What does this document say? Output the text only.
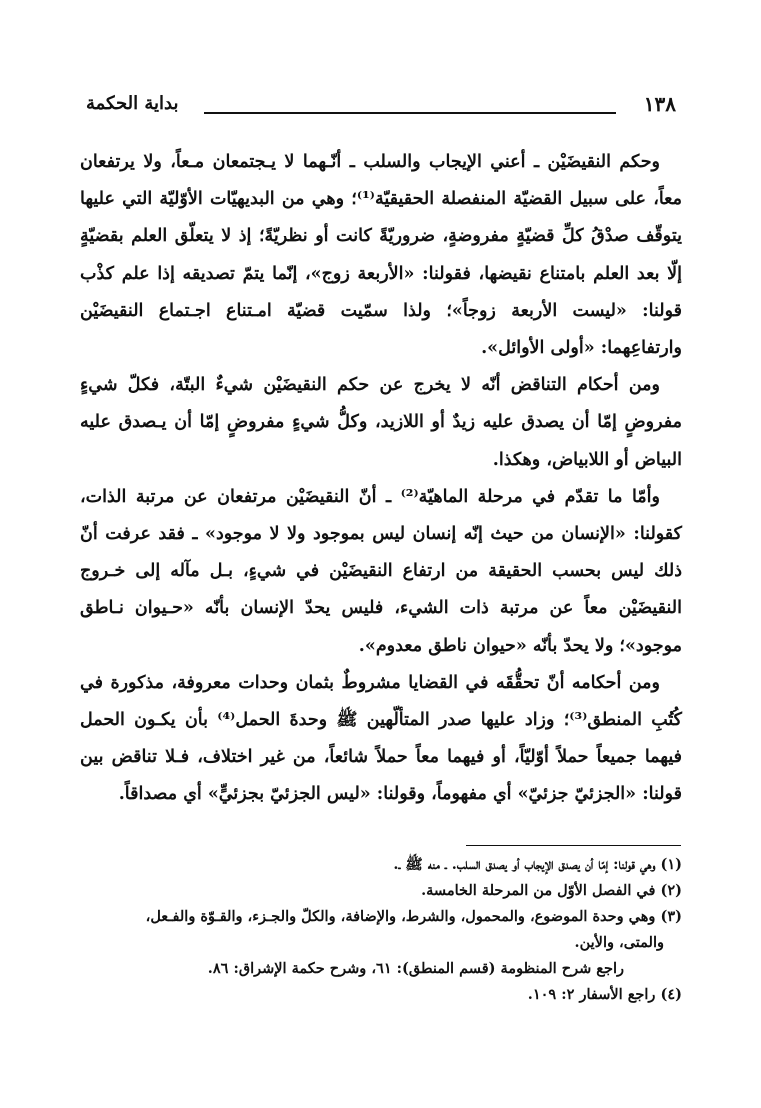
١٣٨
بداية الحكمة

وحكم النقيضَيْن ـ أعني الإيجاب والسلب ـ أنّـهما لا يـجتمعان مـعاً، ولا يرتفعان معاً، على سبيل القضيّة المنفصلة الحقيقيّة⁽¹⁾؛ وهي من البديهيّات الأوّليّة التي عليها يتوقّف صدْقُ كلِّ قضيّةٍ مفروضةٍ، ضروريّةً كانت أو نظريّةً؛ إذ لا يتعلّق العلم بقضيّةٍ إلّا بعد العلم بامتناع نقيضها، فقولنا: «الأربعة زوج»، إنّما يتمّ تصديقه إذا علم كذْب قولنا: «ليست الأربعة زوجاً»؛ ولذا سمّيت قضيّة امـتناع اجـتماع النقيضَيْن وارتفاعِهما: «أولى الأوائل».

ومن أحكام التناقض أنّه لا يخرج عن حكم النقيضَيْن شيءٌ البتّة، فكلّ شيءٍ مفروضٍ إمّا أن يصدق عليه زيدٌ أو اللازيد، وكلُّ شيءٍ مفروضٍ إمّا أن يـصدق عليه البياض أو اللابياض، وهكذا.

وأمّا ما تقدّم في مرحلة الماهيّة⁽²⁾ ـ أنّ النقيضَيْن مرتفعان عن مرتبة الذات، كقولنا: «الإنسان من حيث إنّه إنسان ليس بموجود ولا لا موجود» ـ فقد عرفت أنّ ذلك ليس بحسب الحقيقة من ارتفاع النقيضَيْن في شيءٍ، بـل مآله إلى خـروج النقيضَيْن معاً عن مرتبة ذات الشيء، فليس يحدّ الإنسان بأنّه «حـيوان نـاطق موجود»؛ ولا يحدّ بأنّه «حيوان ناطق معدوم».

ومن أحكامه أنّ تحقُّقَه في القضايا مشروطٌ بثمان وحدات معروفة، مذكورة في كُتُبِ المنطق⁽³⁾؛ وزاد عليها صدر المتألّهين ﷺ وحدةَ الحمل⁽⁴⁾ بأن يكـون الحمل فيهما جميعاً حملاً أوّليّاً، أو فيهما معاً حملاً شائعاً، من غير اختلاف، فـلا تناقض بين قولنا: «الجزئيّ جزئيّ» أي مفهوماً، وقولنا: «ليس الجزئيّ بجزئيٍّ» أي مصداقاً.

(١) وهي قولنا: إمّا أن يصدق الإيجاب أو يصدق السلب. ـ منه ﷺ ـ.

(٢) في الفصل الأوّل من المرحلة الخامسة.

(٣) وهي وحدة الموضوع، والمحمول، والشرط، والإضافة، والكلّ والجـزء، والقـوّة والفـعل،

والمتى، والأين.

راجع شرح المنظومة (قسم المنطق): ٦١، وشرح حكمة الإشراق: ٨٦.

(٤) راجع الأسفار ٢: ١٠٩.
